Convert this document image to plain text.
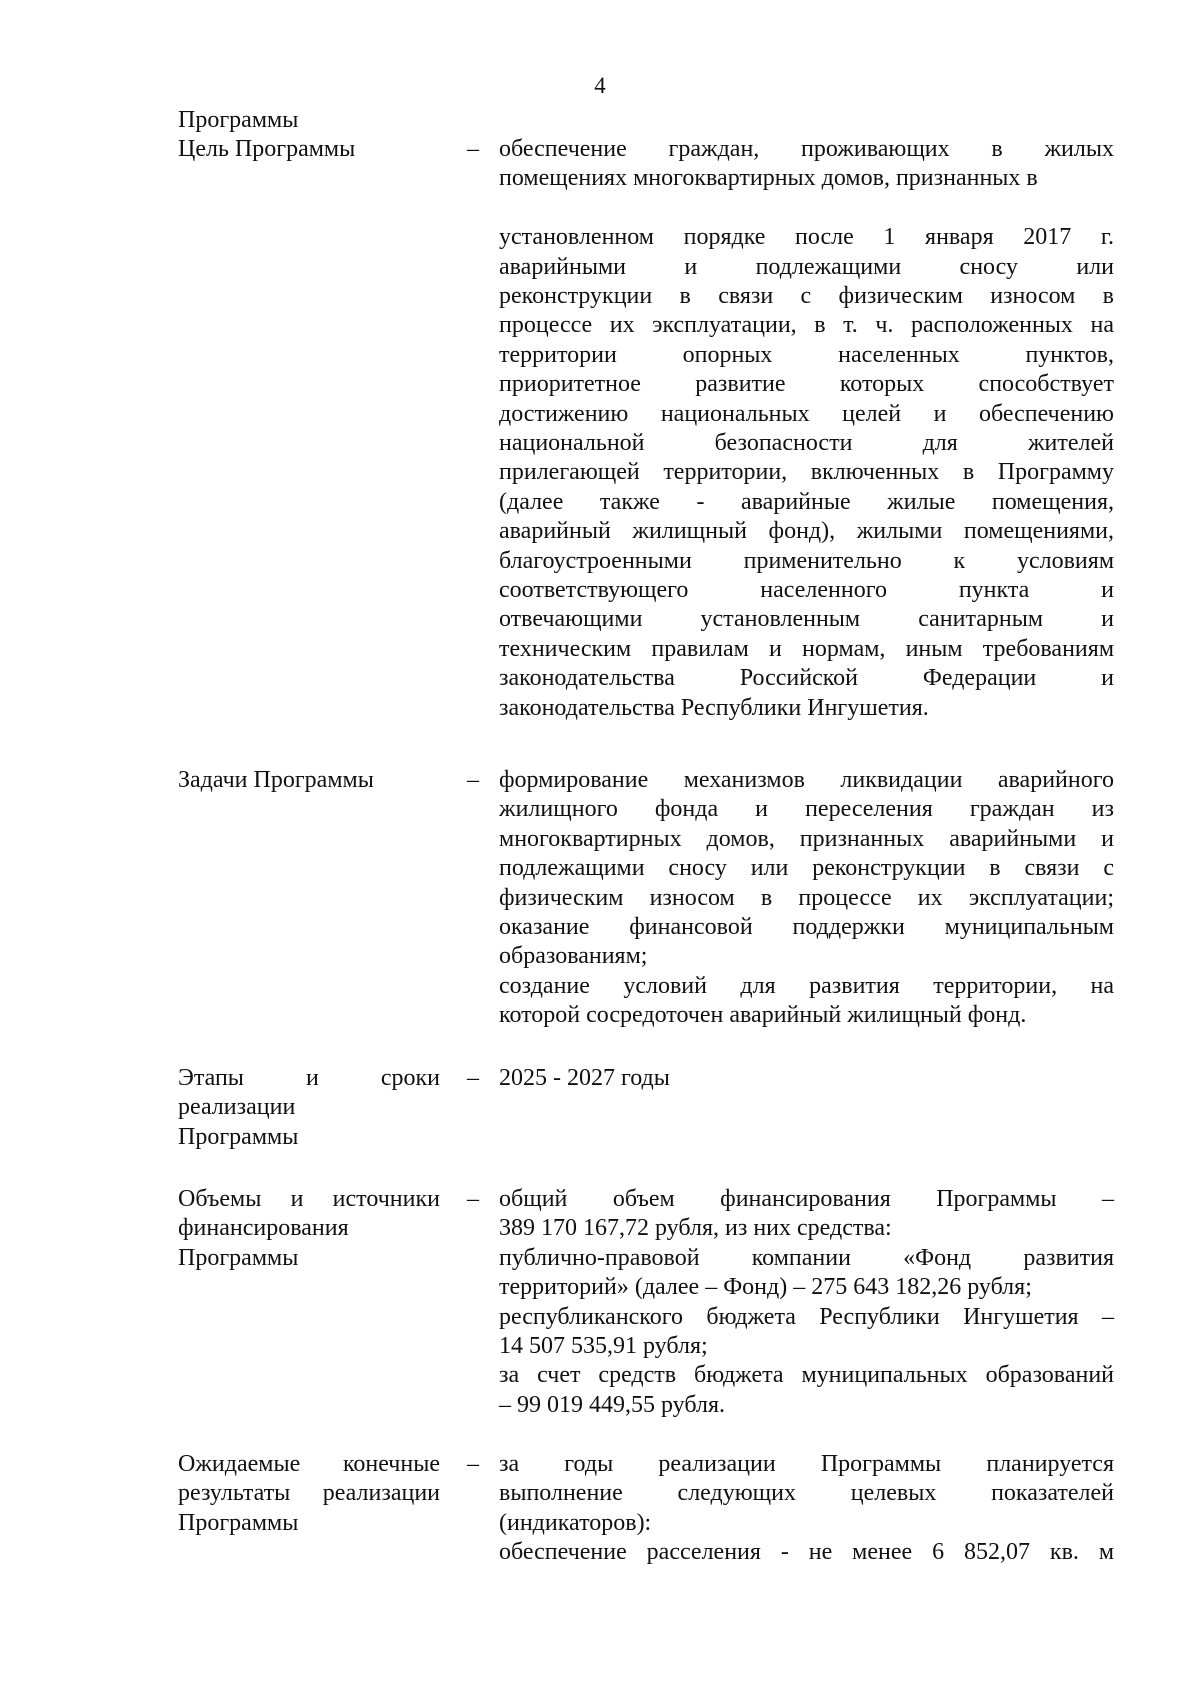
4
Программы
Цель Программы	– обеспечение граждан, проживающих в жилых
помещениях многоквартирных домов, признанных в
установленном порядке после 1 января 2017 г.
аварийными и подлежащими сносу или
реконструкции в связи с физическим износом в
процессе их эксплуатации, в т. ч. расположенных на
территории опорных населенных пунктов,
приоритетное развитие которых способствует
достижению национальных целей и обеспечению
национальной безопасности для жителей
прилегающей территории, включенных в Программу
(далее также - аварийные жилые помещения,
аварийный жилищный фонд), жилыми помещениями,
благоустроенными применительно к условиям
соответствующего населенного пункта и
отвечающими установленным санитарным и
техническим правилам и нормам, иным требованиям
законодательства Российской Федерации и
законодательства Республики Ингушетия.
Задачи Программы	– формирование механизмов ликвидации аварийного
жилищного фонда и переселения граждан из
многоквартирных домов, признанных аварийными и
подлежащими сносу или реконструкции в связи с
физическим износом в процессе их эксплуатации;
оказание финансовой поддержки муниципальным
образованиям;
создание условий для развития территории, на
которой сосредоточен аварийный жилищный фонд.
Этапы и сроки
реализации
Программы
– 2025 - 2027 годы
Объемы и источники
финансирования
Программы
– общий объем финансирования Программы –
389 170 167,72 рубля, из них средства:
публично-правовой компании «Фонд развития
территорий» (далее – Фонд) – 275 643 182,26 рубля;
республиканского бюджета Республики Ингушетия –
14 507 535,91 рубля;
за счет средств бюджета муниципальных образований
– 99 019 449,55 рубля.
Ожидаемые конечные
результаты реализации
Программы
– за годы реализации Программы планируется
выполнение следующих целевых показателей
(индикаторов):
обеспечение расселения - не менее 6 852,07 кв. м
